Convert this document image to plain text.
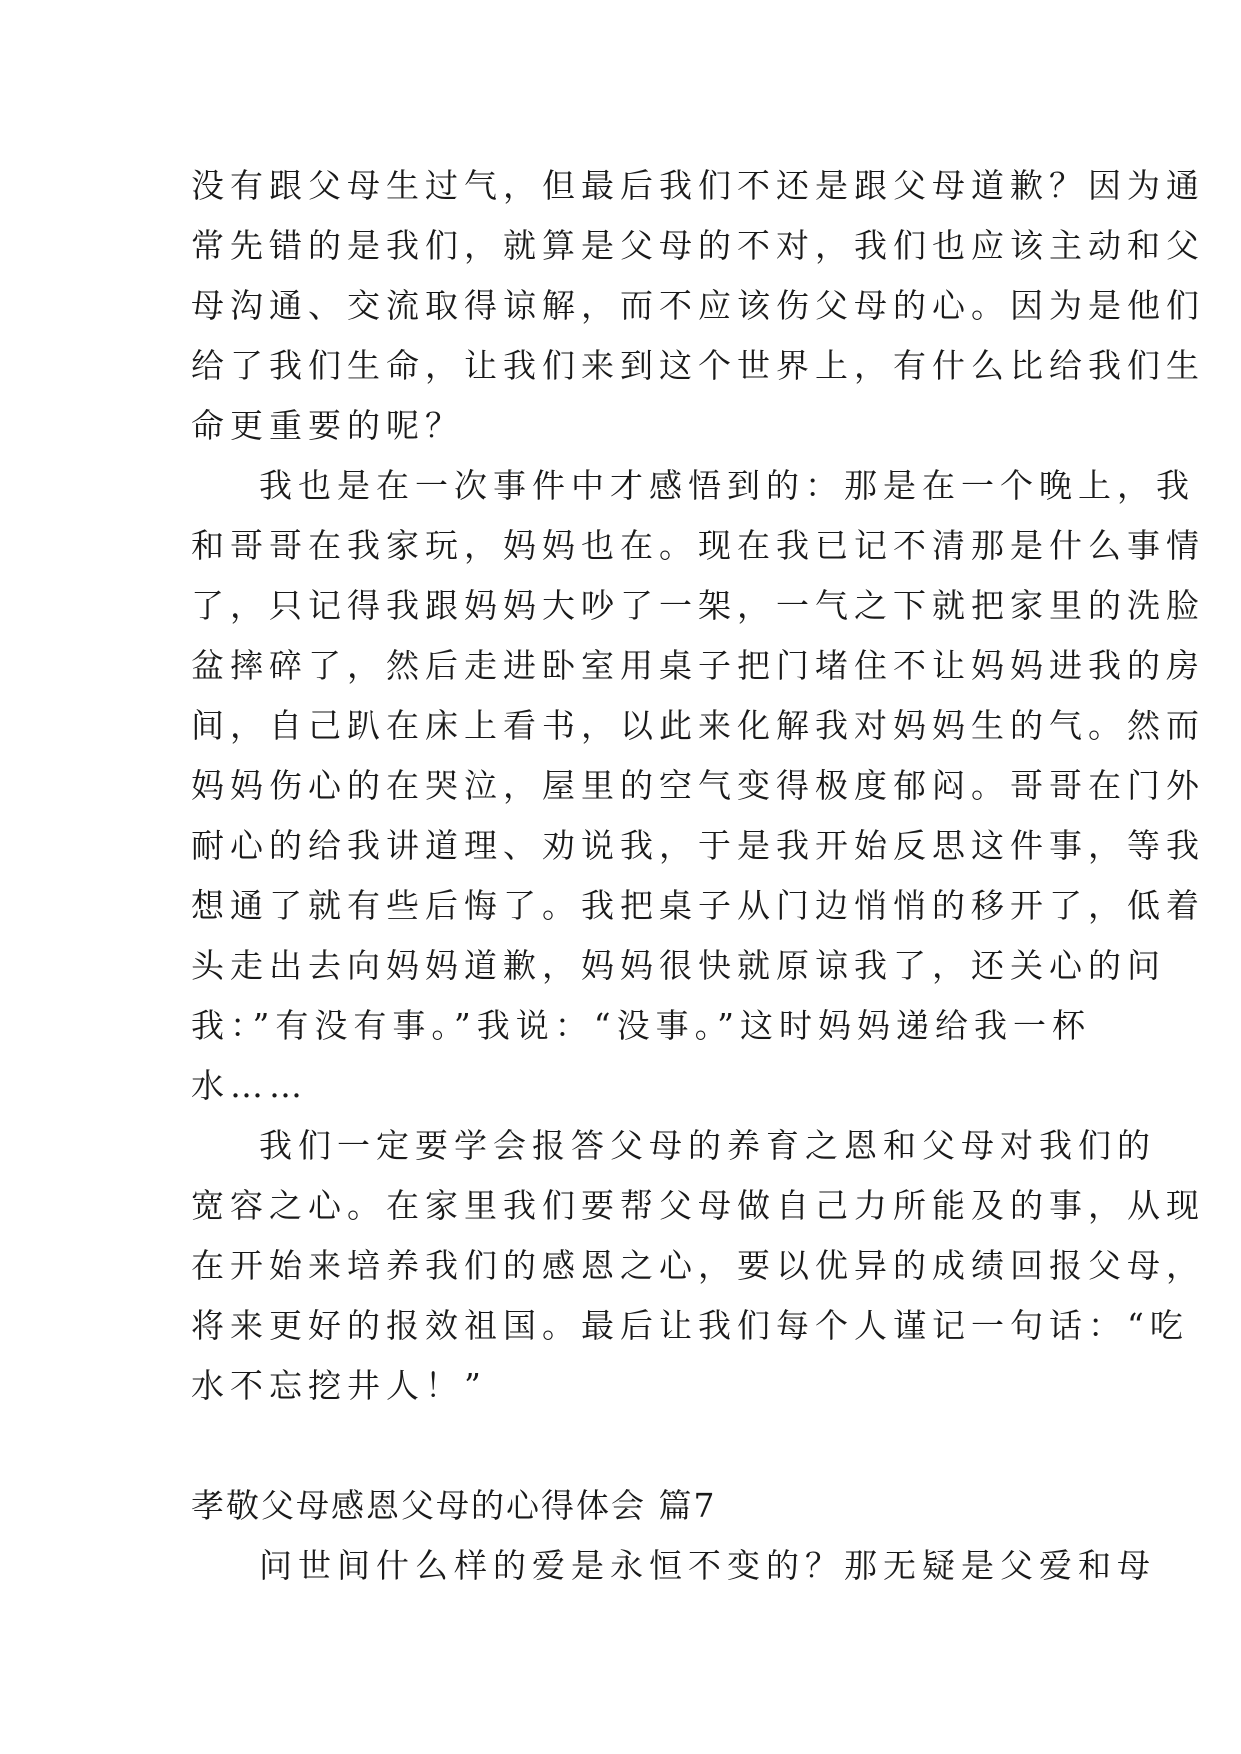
没有跟父母生过气，但最后我们不还是跟父母道歉？因为通
常先错的是我们，就算是父母的不对，我们也应该主动和父
母沟通、交流取得谅解，而不应该伤父母的心。因为是他们
给了我们生命，让我们来到这个世界上，有什么比给我们生
命更重要的呢？
我也是在一次事件中才感悟到的：那是在一个晚上，我
和哥哥在我家玩，妈妈也在。现在我已记不清那是什么事情
了，只记得我跟妈妈大吵了一架，一气之下就把家里的洗脸
盆摔碎了，然后走进卧室用桌子把门堵住不让妈妈进我的房
间，自己趴在床上看书，以此来化解我对妈妈生的气。然而
妈妈伤心的在哭泣，屋里的空气变得极度郁闷。哥哥在门外
耐心的给我讲道理、劝说我，于是我开始反思这件事，等我
想通了就有些后悔了。我把桌子从门边悄悄的移开了，低着
头走出去向妈妈道歉，妈妈很快就原谅我了，还关心的问
我：”有没有事。”我说：“没事。”这时妈妈递给我一杯
水……
我们一定要学会报答父母的养育之恩和父母对我们的
宽容之心。在家里我们要帮父母做自己力所能及的事，从现
在开始来培养我们的感恩之心，要以优异的成绩回报父母，
将来更好的报效祖国。最后让我们每个人谨记一句话：“吃
水不忘挖井人！”
孝敬父母感恩父母的心得体会 篇7
问世间什么样的爱是永恒不变的？那无疑是父爱和母
